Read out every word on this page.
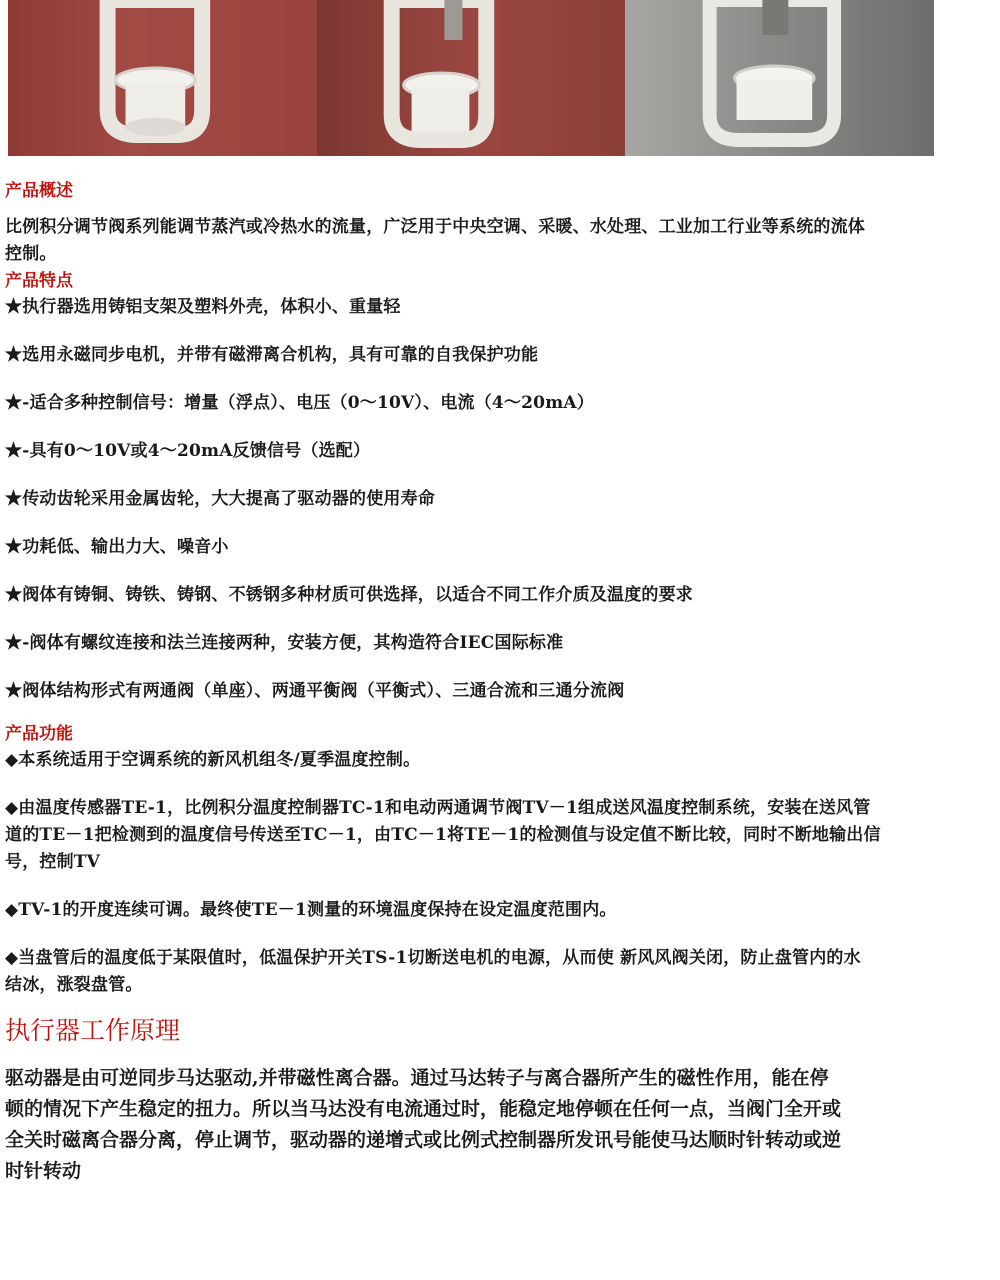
产品概述
比例积分调节阀系列能调节蒸汽或冷热水的流量，广泛用于中央空调、采暖、水处理、工业加工行业等系统的流体
控制。
产品特点
★执行器选用铸铝支架及塑料外壳，体积小、重量轻
★选用永磁同步电机，并带有磁滞离合机构，具有可靠的自我保护功能
★-适合多种控制信号：增量（浮点）、电压（0～10V）、电流（4～20mA）
★-具有0～10V或4～20mA反馈信号（选配）
★传动齿轮采用金属齿轮，大大提高了驱动器的使用寿命
★功耗低、输出力大、噪音小
★阀体有铸铜、铸铁、铸钢、不锈钢多种材质可供选择，以适合不同工作介质及温度的要求
★-阀体有螺纹连接和法兰连接两种，安装方便，其构造符合IEC国际标准
★阀体结构形式有两通阀（单座）、两通平衡阀（平衡式）、三通合流和三通分流阀
产品功能
◆本系统适用于空调系统的新风机组冬/夏季温度控制。
◆由温度传感器TE-1，比例积分温度控制器TC-1和电动两通调节阀TV－1组成送风温度控制系统，安装在送风管
道的TE－1把检测到的温度信号传送至TC－1，由TC－1将TE－1的检测值与设定值不断比较，同时不断地输出信
号，控制TV
◆TV-1的开度连续可调。最终使TE－1测量的环境温度保持在设定温度范围内。
◆当盘管后的温度低于某限值时，低温保护开关TS-1切断送电机的电源，从而使 新风风阀关闭，防止盘管内的水
结冰，涨裂盘管。
执行器工作原理
驱动器是由可逆同步马达驱动,并带磁性离合器。通过马达转子与离合器所产生的磁性作用，能在停
顿的情况下产生稳定的扭力。所以当马达没有电流通过时，能稳定地停顿在任何一点，当阀门全开或
全关时磁离合器分离，停止调节，驱动器的递增式或比例式控制器所发讯号能使马达顺时针转动或逆
时针转动
